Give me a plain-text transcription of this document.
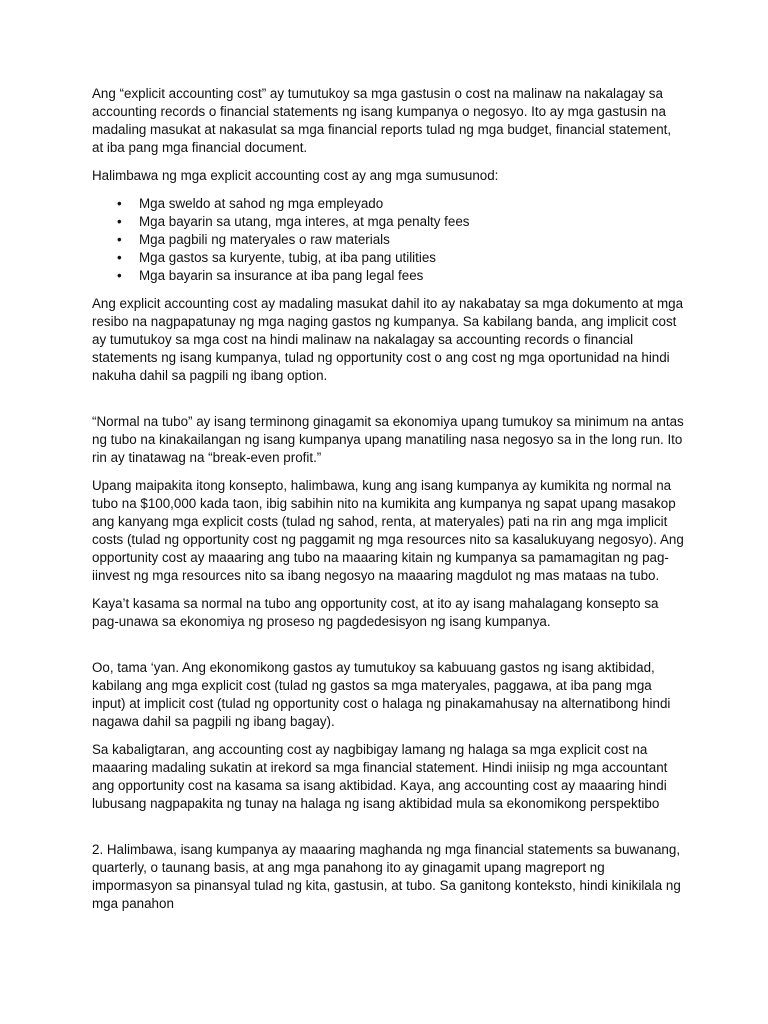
Ang “explicit accounting cost” ay tumutukoy sa mga gastusin o cost na malinaw na nakalagay sa accounting records o financial statements ng isang kumpanya o negosyo. Ito ay mga gastusin na madaling masukat at nakasulat sa mga financial reports tulad ng mga budget, financial statement, at iba pang mga financial document.

Halimbawa ng mga explicit accounting cost ay ang mga sumusunod:

• Mga sweldo at sahod ng mga empleyado
• Mga bayarin sa utang, mga interes, at mga penalty fees
• Mga pagbili ng materyales o raw materials
• Mga gastos sa kuryente, tubig, at iba pang utilities
• Mga bayarin sa insurance at iba pang legal fees

Ang explicit accounting cost ay madaling masukat dahil ito ay nakabatay sa mga dokumento at mga resibo na nagpapatunay ng mga naging gastos ng kumpanya. Sa kabilang banda, ang implicit cost ay tumutukoy sa mga cost na hindi malinaw na nakalagay sa accounting records o financial statements ng isang kumpanya, tulad ng opportunity cost o ang cost ng mga oportunidad na hindi nakuha dahil sa pagpili ng ibang option.

“Normal na tubo” ay isang terminong ginagamit sa ekonomiya upang tumukoy sa minimum na antas ng tubo na kinakailangan ng isang kumpanya upang manatiling nasa negosyo sa in the long run. Ito rin ay tinatawag na “break-even profit.”

Upang maipakita itong konsepto, halimbawa, kung ang isang kumpanya ay kumikita ng normal na tubo na $100,000 kada taon, ibig sabihin nito na kumikita ang kumpanya ng sapat upang masakop ang kanyang mga explicit costs (tulad ng sahod, renta, at materyales) pati na rin ang mga implicit costs (tulad ng opportunity cost ng paggamit ng mga resources nito sa kasalukuyang negosyo). Ang opportunity cost ay maaaring ang tubo na maaaring kitain ng kumpanya sa pamamagitan ng pag-iinvest ng mga resources nito sa ibang negosyo na maaaring magdulot ng mas mataas na tubo.

Kaya’t kasama sa normal na tubo ang opportunity cost, at ito ay isang mahalagang konsepto sa pag-unawa sa ekonomiya ng proseso ng pagdedesisyon ng isang kumpanya.

Oo, tama ‘yan. Ang ekonomikong gastos ay tumutukoy sa kabuuang gastos ng isang aktibidad, kabilang ang mga explicit cost (tulad ng gastos sa mga materyales, paggawa, at iba pang mga input) at implicit cost (tulad ng opportunity cost o halaga ng pinakamahusay na alternatibong hindi nagawa dahil sa pagpili ng ibang bagay).

Sa kabaligtaran, ang accounting cost ay nagbibigay lamang ng halaga sa mga explicit cost na maaaring madaling sukatin at irekord sa mga financial statement. Hindi iniisip ng mga accountant ang opportunity cost na kasama sa isang aktibidad. Kaya, ang accounting cost ay maaaring hindi lubusang nagpapakita ng tunay na halaga ng isang aktibidad mula sa ekonomikong perspektibo

2. Halimbawa, isang kumpanya ay maaaring maghanda ng mga financial statements sa buwanang, quarterly, o taunang basis, at ang mga panahong ito ay ginagamit upang magreport ng impormasyon sa pinansyal tulad ng kita, gastusin, at tubo. Sa ganitong konteksto, hindi kinikilala ng mga panahon
